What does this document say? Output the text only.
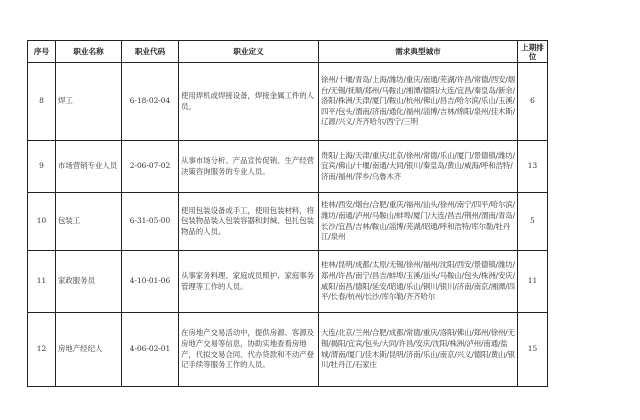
序号	职业名称	职业代码	职业定义	需求典型城市	上期排位
8	焊工	6-18-02-04	使用焊机或焊接设备，焊接金属工件的人员。	徐州/十堰/青岛/上海/潍坊/重庆/南通/芜湖/许昌/常德/西安/烟台/无锡/抚顺/郑州/马鞍山/湘潭/德阳/大连/宜昌/秦皇岛/新余/洛阳/株洲/天津/厦门/鞍山/杭州/佛山/昌吉/哈尔滨/乐山/玉溪/四平/包头/渭南/济南/通化/福州/淄博/吉林/绵阳/泉州/佳木斯/辽源/兴义/齐齐哈尔/西宁/三明	6
9	市场营销专业人员	2-06-07-02	从事市场分析、产品宣传促销、生产经营决策咨询服务的专业人员。	贵阳/上海/天津/重庆/北京/徐州/常德/乐山/厦门/景德镇/潍坊/宜宾/佛山/十堰/南通/大同/银川/秦皇岛/黄山/威海/呼和浩特/济南/福州/萍乡/乌鲁木齐	13
10	包装工	6-31-05-00	使用包装设备或手工，使用包装材料，将包装物品装入包装容器和封缄、包扎包装物品的人员。	桂林/西安/烟台/合肥/重庆/福州/汕头/徐州/南宁/四平/哈尔滨/潍坊/南通/泸州/马鞍山/蚌埠/厦门/大连/昌吉/荆州/渭南/青岛/长沙/宜昌/吉林/鞍山/淄博/芜湖/昭通/呼和浩特/库尔勒/牡丹江/泉州	5
11	家政服务员	4-10-01-06	从事家务料理、家庭成员照护、家庭事务管理等工作的人员。	桂林/昆明/成都/太原/无锡/徐州/福州/沈阳/西安/景德镇/潍坊/郑州/许昌/南宁/昌吉/蚌埠/玉溪/汕头/马鞍山/包头/株洲/安庆/咸阳/南昌/德阳/延安/昭通/乐山/铜川/银川/济南/南京/湘潭/四平/长春/杭州/长沙/库尔勒/齐齐哈尔	11
12	房地产经纪人	4-06-02-01	在房地产交易活动中，提供房源、客源及房地产交易等信息，协助实地查看房地产，代拟交易合同、代办贷款和不动产登记手续等服务工作的人员。	大连/北京/兰州/合肥/成都/常德/重庆/洛阳/佛山/郑州/徐州/无锡/揭阳/宜宾/包头/大同/许昌/安庆/沈阳/株洲/泸州/南通/盐城/渭南/厦门/佳木斯/昆明/济南/乐山/南京/兴义/德阳/黄山/银川/牡丹江/石家庄	15
